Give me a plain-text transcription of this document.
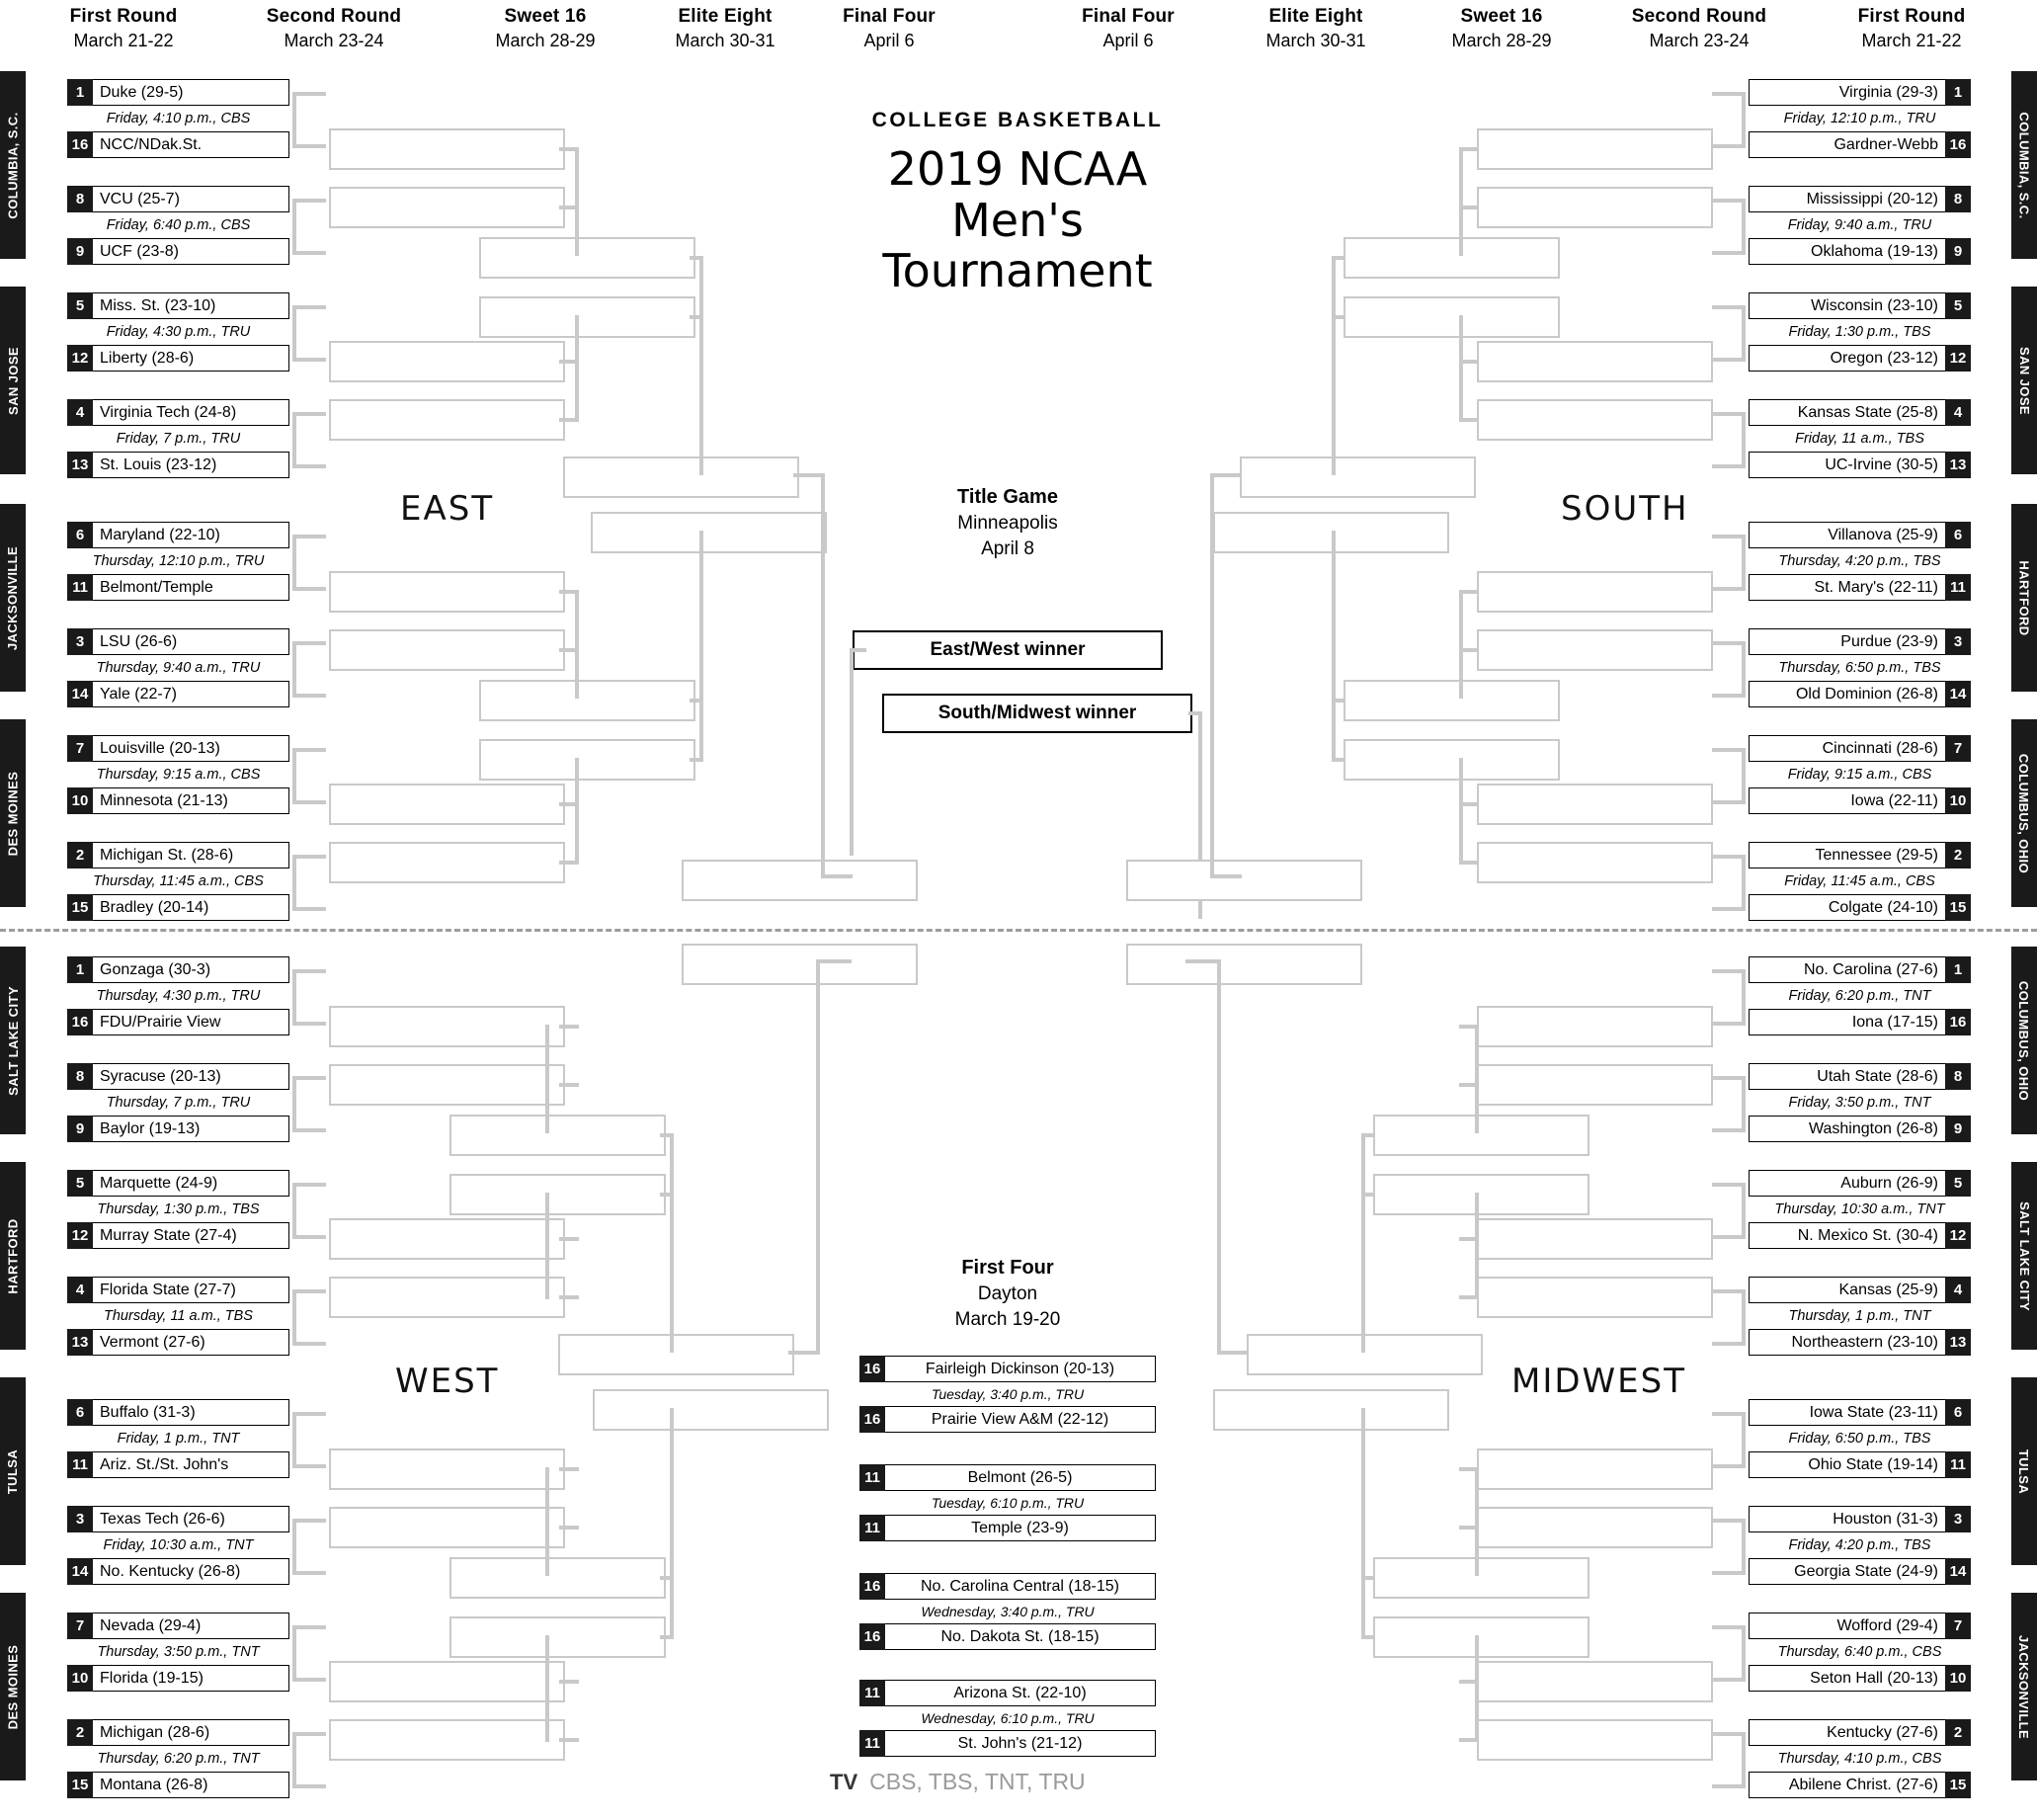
First Round
March 21-22
Second Round
March 23-24
Sweet 16
March 28-29
Elite Eight
March 30-31
Final Four
April 6
Final Four
April 6
Elite Eight
March 30-31
Sweet 16
March 28-29
Second Round
March 23-24
First Round
March 21-22
COLLEGE BASKETBALL
2019 NCAA
Men's
Tournament
Title Game
Minneapolis
April 8
East/West winner
South/Midwest winner
First Four
Dayton
March 19-20
16	Fairleigh Dickinson (20-13)
Tuesday, 3:40 p.m., TRU
16	Prairie View A&M (22-12)
11	Belmont (26-5)
Tuesday, 6:10 p.m., TRU
11	Temple (23-9)
16	No. Carolina Central (18-15)
Wednesday, 3:40 p.m., TRU
16	No. Dakota St. (18-15)
11	Arizona St. (22-10)
Wednesday, 6:10 p.m., TRU
11	St. John's (21-12)
TV CBS, TBS, TNT, TRU
EAST
WEST
SOUTH
MIDWEST
COLUMBIA, S.C.
SAN JOSE
JACKSONVILLE
DES MOINES
SALT LAKE CITY
HARTFORD
TULSA
DES MOINES
COLUMBIA, S.C.
SAN JOSE
HARTFORD
COLUMBUS, OHIO
COLUMBUS, OHIO
SALT LAKE CITY
TULSA
JACKSONVILLE
1 Duke (29-5)
Friday, 4:10 p.m., CBS
16 NCC/NDak.St.
8 VCU (25-7)
Friday, 6:40 p.m., CBS
9 UCF (23-8)
5 Miss. St. (23-10)
Friday, 4:30 p.m., TRU
12 Liberty (28-6)
4 Virginia Tech (24-8)
Friday, 7 p.m., TRU
13 St. Louis (23-12)
6 Maryland (22-10)
Thursday, 12:10 p.m., TRU
11 Belmont/Temple
3 LSU (26-6)
Thursday, 9:40 a.m., TRU
14 Yale (22-7)
7 Louisville (20-13)
Thursday, 9:15 a.m., CBS
10 Minnesota (21-13)
2 Michigan St. (28-6)
Thursday, 11:45 a.m., CBS
15 Bradley (20-14)
1 Gonzaga (30-3)
Thursday, 4:30 p.m., TRU
16 FDU/Prairie View
8 Syracuse (20-13)
Thursday, 7 p.m., TRU
9 Baylor (19-13)
5 Marquette (24-9)
Thursday, 1:30 p.m., TBS
12 Murray State (27-4)
4 Florida State (27-7)
Thursday, 11 a.m., TBS
13 Vermont (27-6)
6 Buffalo (31-3)
Friday, 1 p.m., TNT
11 Ariz. St./St. John's
3 Texas Tech (26-6)
Friday, 10:30 a.m., TNT
14 No. Kentucky (26-8)
7 Nevada (29-4)
Thursday, 3:50 p.m., TNT
10 Florida (19-15)
2 Michigan (28-6)
Thursday, 6:20 p.m., TNT
15 Montana (26-8)
1
Virginia (29-3)
Friday, 12:10 p.m., TRU
16
Gardner-Webb
8
Mississippi (20-12)
Friday, 9:40 a.m., TRU
9
Oklahoma (19-13)
5
Wisconsin (23-10)
Friday, 1:30 p.m., TBS
12
Oregon (23-12)
4
Kansas State (25-8)
Friday, 11 a.m., TBS
13
UC-Irvine (30-5)
6
Villanova (25-9)
Thursday, 4:20 p.m., TBS
11
St. Mary's (22-11)
3
Purdue (23-9)
Thursday, 6:50 p.m., TBS
14
Old Dominion (26-8)
7
Cincinnati (28-6)
Friday, 9:15 a.m., CBS
10
Iowa (22-11)
2
Tennessee (29-5)
Friday, 11:45 a.m., CBS
15
Colgate (24-10)
1
No. Carolina (27-6)
Friday, 6:20 p.m., TNT
16
Iona (17-15)
8
Utah State (28-6)
Friday, 3:50 p.m., TNT
9
Washington (26-8)
5
Auburn (26-9)
Thursday, 10:30 a.m., TNT
12
N. Mexico St. (30-4)
4
Kansas (25-9)
Thursday, 1 p.m., TNT
13
Northeastern (23-10)
6
Iowa State (23-11)
Friday, 6:50 p.m., TBS
11
Ohio State (19-14)
3
Houston (31-3)
Friday, 4:20 p.m., TBS
14
Georgia State (24-9)
7
Wofford (29-4)
Thursday, 6:40 p.m., CBS
10
Seton Hall (20-13)
2
Kentucky (27-6)
Thursday, 4:10 p.m., CBS
15
Abilene Christ. (27-6)
